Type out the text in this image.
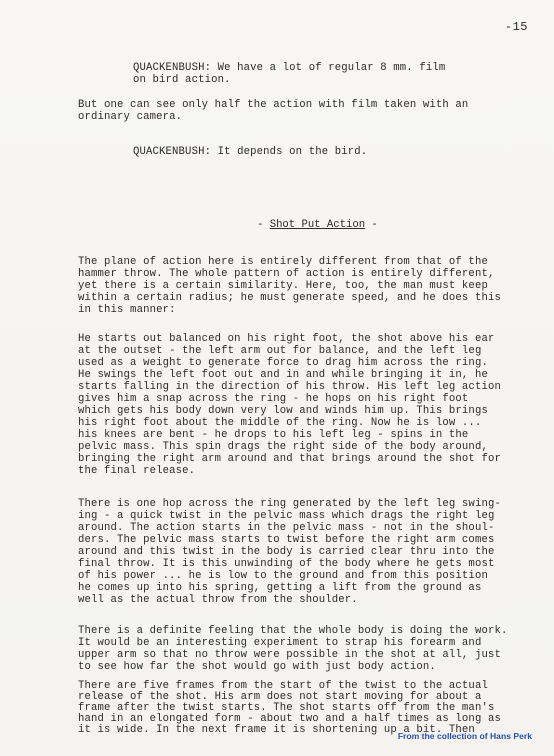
-15
QUACKENBUSH: We have a lot of regular 8 mm. film
on bird action.
But one can see only half the action with film taken with an
ordinary camera.
QUACKENBUSH: It depends on the bird.
- Shot Put Action -
The plane of action here is entirely different from that of the
hammer throw. The whole pattern of action is entirely different,
yet there is a certain similarity. Here, too, the man must keep
within a certain radius; he must generate speed, and he does this
in this manner:
He starts out balanced on his right foot, the shot above his ear
at the outset - the left arm out for balance, and the left leg
used as a weight to generate force to drag him across the ring.
He swings the left foot out and in and while bringing it in, he
starts falling in the direction of his throw. His left leg action
gives him a snap across the ring - he hops on his right foot
which gets his body down very low and winds him up. This brings
his right foot about the middle of the ring. Now he is low ...
his knees are bent - he drops to his left leg - spins in the
pelvic mass. This spin drags the right side of the body around,
bringing the right arm around and that brings around the shot for
the final release.
There is one hop across the ring generated by the left leg swing-
ing - a quick twist in the pelvic mass which drags the right leg
around. The action starts in the pelvic mass - not in the shoul-
ders. The pelvic mass starts to twist before the right arm comes
around and this twist in the body is carried clear thru into the
final throw. It is this unwinding of the body where he gets most
of his power ... he is low to the ground and from this position
he comes up into his spring, getting a lift from the ground as
well as the actual throw from the shoulder.
There is a definite feeling that the whole body is doing the work.
It would be an interesting experiment to strap his forearm and
upper arm so that no throw were possible in the shot at all, just
to see how far the shot would go with just body action.
There are five frames from the start of the twist to the actual
release of the shot. His arm does not start moving for about a
frame after the twist starts. The shot starts off from the man's
hand in an elongated form - about two and a half times as long as
it is wide. In the next frame it is shortening up a bit. Then
From the collection of Hans Perk
